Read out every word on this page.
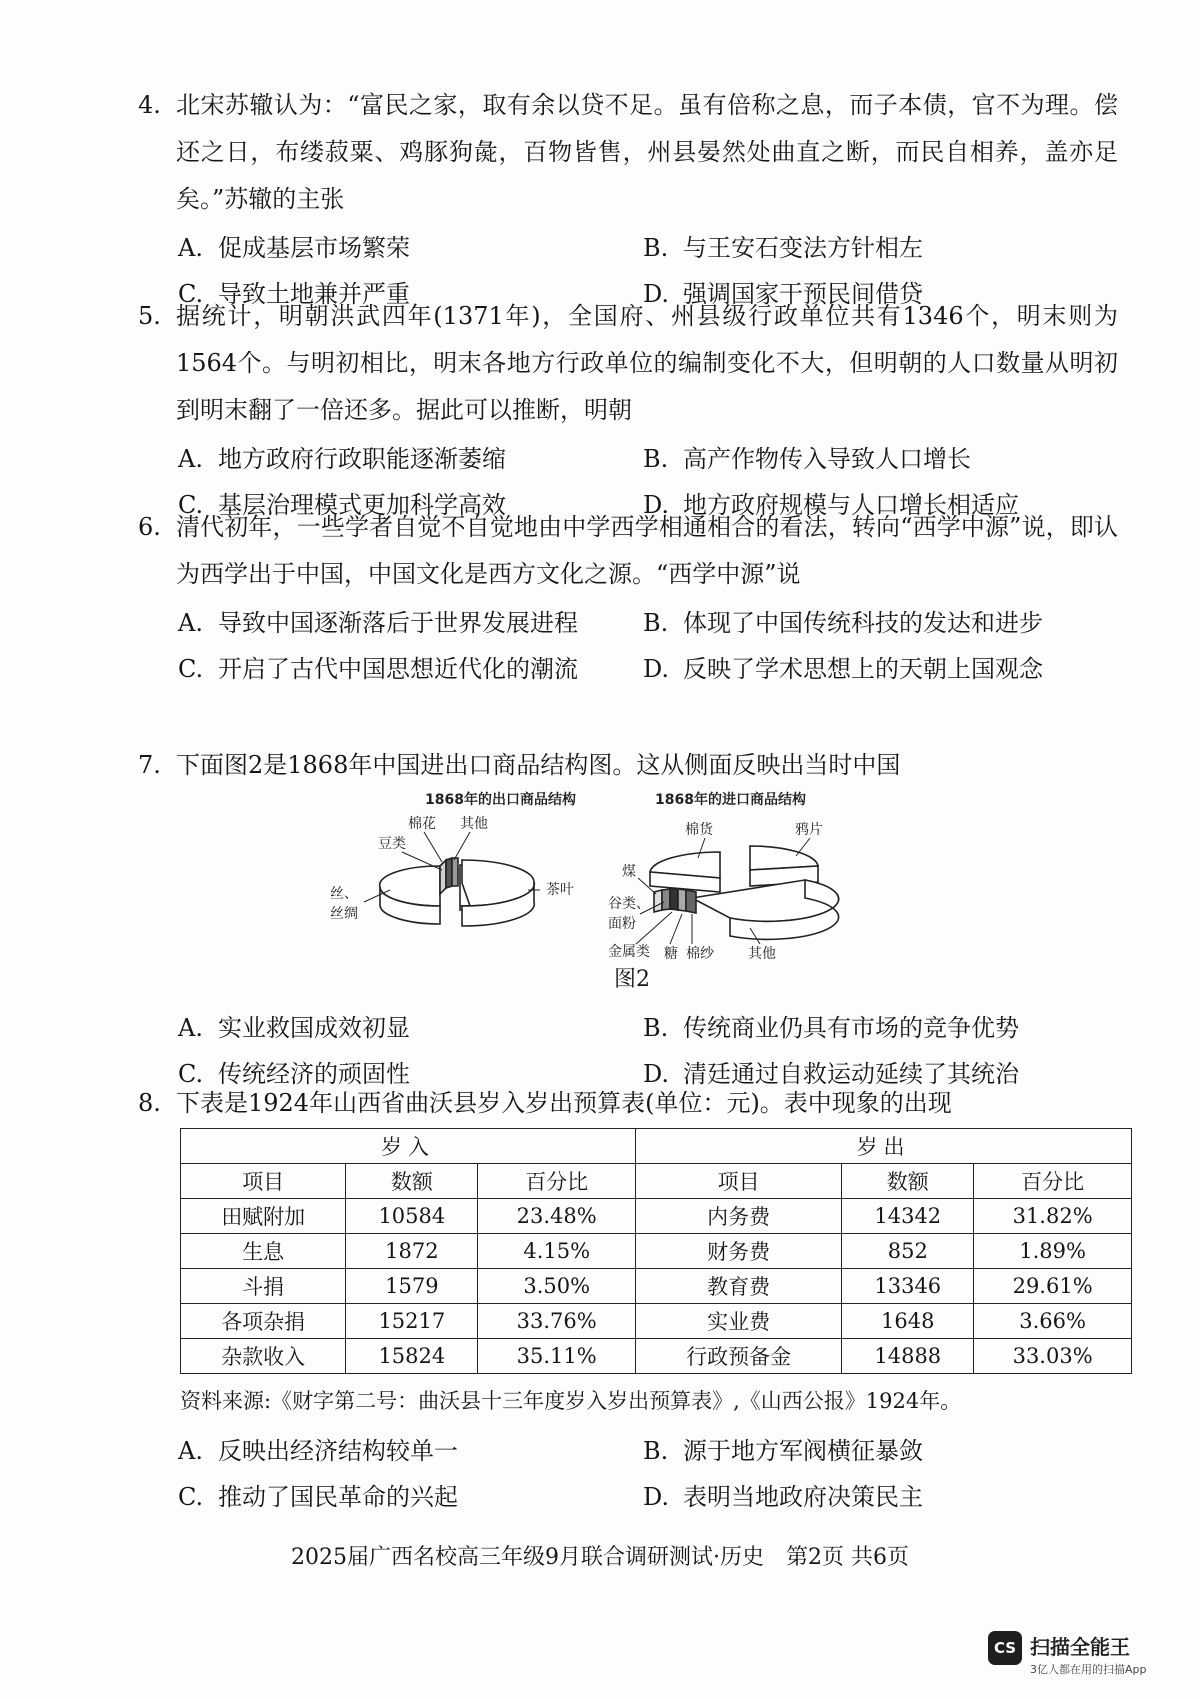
4. 北宋苏辙认为：“富民之家，取有余以贷不足。虽有倍称之息，而子本债，官不为理。偿还之日，布缕菽粟、鸡豚狗彘，百物皆售，州县晏然处曲直之断，而民自相养，盖亦足矣。”苏辙的主张
A. 促成基层市场繁荣	B. 与王安石变法方针相左
C. 导致土地兼并严重	D. 强调国家干预民间借贷
5. 据统计，明朝洪武四年(1371年)，全国府、州县级行政单位共有1346个，明末则为1564个。与明初相比，明末各地方行政单位的编制变化不大，但明朝的人口数量从明初到明末翻了一倍还多。据此可以推断，明朝
A. 地方政府行政职能逐渐萎缩	B. 高产作物传入导致人口增长
C. 基层治理模式更加科学高效	D. 地方政府规模与人口增长相适应
6. 清代初年，一些学者自觉不自觉地由中学西学相通相合的看法，转向“西学中源”说，即认为西学出于中国，中国文化是西方文化之源。“西学中源”说
A. 导致中国逐渐落后于世界发展进程	B. 体现了中国传统科技的发达和进步
C. 开启了古代中国思想近代化的潮流	D. 反映了学术思想上的天朝上国观念
7. 下面图2是1868年中国进出口商品结构图。这从侧面反映出当时中国
1868年的出口商品结构
棉花 其他
豆类
丝、
丝绸
茶叶
1868年的进口商品结构
棉货	鸦片
煤
谷类、
面粉
金属类 糖 棉纱 其他
图2
A. 实业救国成效初显	B. 传统商业仍具有市场的竞争优势
C. 传统经济的顽固性	D. 清廷通过自救运动延续了其统治
8. 下表是1924年山西省曲沃县岁入岁出预算表(单位：元)。表中现象的出现
岁入			岁出		
项目	数额	百分比	项目	数额	百分比
田赋附加	10584	23.48%	内务费	14342	31.82%
生息	1872	4.15%	财务费	852	1.89%
斗捐	1579	3.50%	教育费	13346	29.61%
各项杂捐	15217	33.76%	实业费	1648	3.66%
杂款收入	15824	35.11%	行政预备金	14888	33.03%
资料来源:《财字第二号：曲沃县十三年度岁入岁出预算表》,《山西公报》1924年。
A. 反映出经济结构较单一	B. 源于地方军阀横征暴敛
C. 推动了国民革命的兴起	D. 表明当地政府决策民主
2025届广西名校高三年级9月联合调研测试·历史　第2页 共6页
CS 扫描全能王
3亿人都在用的扫描App
